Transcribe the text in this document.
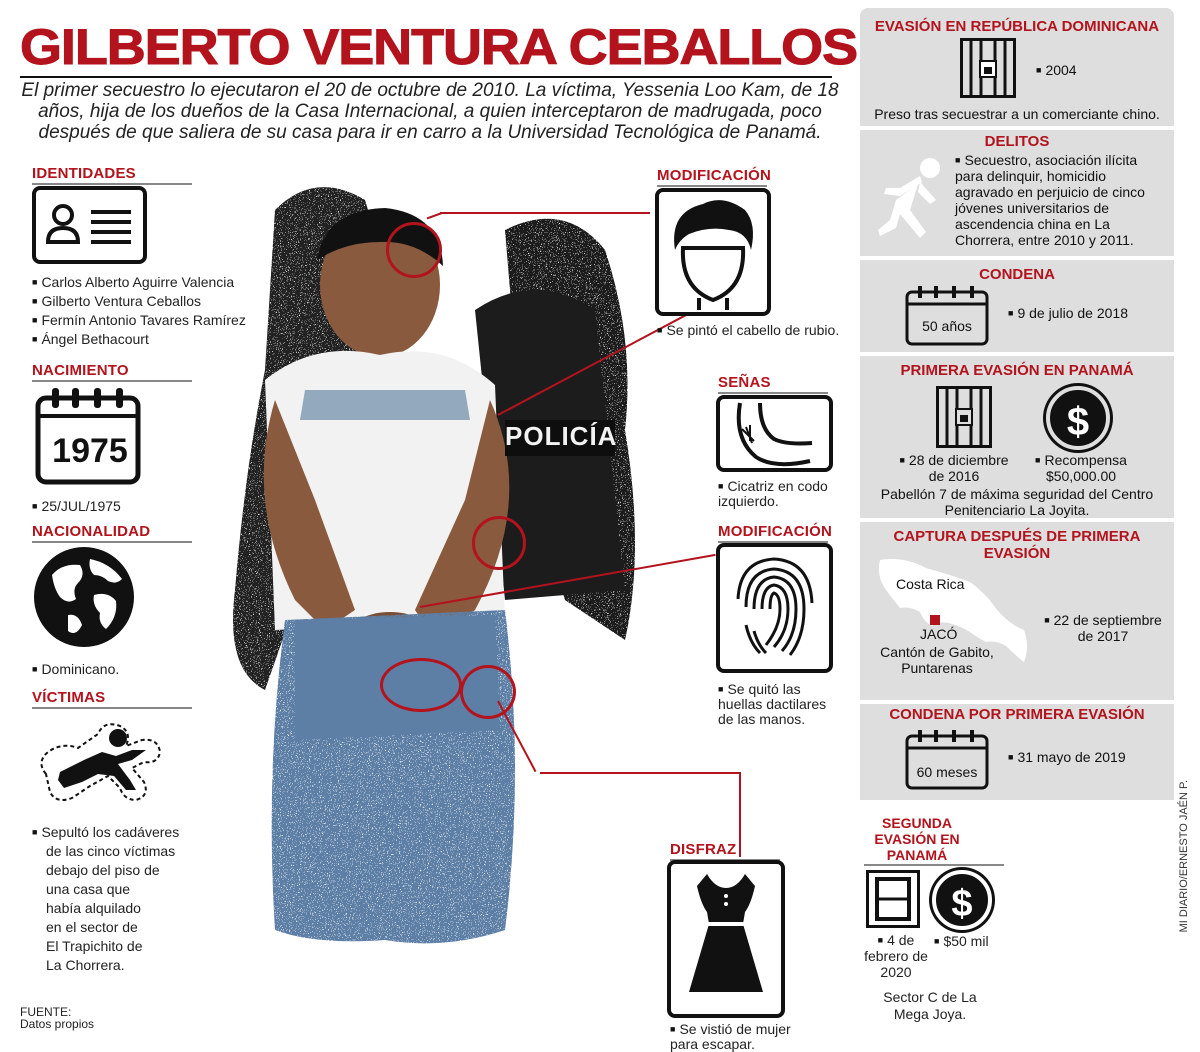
GILBERTO VENTURA CEBALLOS
El primer secuestro lo ejecutaron el 20 de octubre de 2010. La víctima, Yessenia Loo Kam, de 18 años, hija de los dueños de la Casa Internacional, a quien interceptaron de madrugada, poco después de que saliera de su casa para ir en carro a la Universidad Tecnológica de Panamá.
IDENTIDADES
■ Carlos Alberto Aguirre Valencia
■ Gilberto Ventura Ceballos
■ Fermín Antonio Tavares Ramírez
■ Ángel Bethacourt
NACIMIENTO
1975
■ 25/JUL/1975
NACIONALIDAD
■ Dominicano.
VÍCTIMAS
■ Sepultó los cadáveres
de las cinco víctimas
debajo del piso de
una casa que
había alquilado
en el sector de
El Trapichito de
La Chorrera.
FUENTE:
Datos propios
POLICÍA
MODIFICACIÓN
■ Se pintó el cabello de rubio.
SEÑAS
■ Cicatriz en codo izquierdo.
MODIFICACIÓN
■ Se quitó las huellas dactilares de las manos.
DISFRAZ
■ Se vistió de mujer para escapar.
EVASIÓN EN REPÚBLICA DOMINICANA
■ 2004
Preso tras secuestrar a un comerciante chino.
DELITOS
■ Secuestro, asociación ilícita para delinquir, homicidio agravado en perjuicio de cinco jóvenes universitarios de ascendencia china en La Chorrera, entre 2010 y 2011.
CONDENA
50 años
■ 9 de julio de 2018
PRIMERA EVASIÓN EN PANAMÁ
$
■ 28 de diciembre de 2016
■ Recompensa $50,000.00
Pabellón 7 de máxima seguridad del Centro Penitenciario La Joyita.
CAPTURA DESPUÉS DE PRIMERA EVASIÓN
Costa Rica
JACÓ
Cantón de Gabito, Puntarenas
■ 22 de septiembre de 2017
CONDENA POR PRIMERA EVASIÓN
60 meses
■ 31 mayo de 2019
SEGUNDA EVASIÓN EN PANAMÁ
$
■ 4 de febrero de 2020
■ $50 mil
Sector C de La Mega Joya.
MI DIARIO/ERNESTO JAÉN P.
